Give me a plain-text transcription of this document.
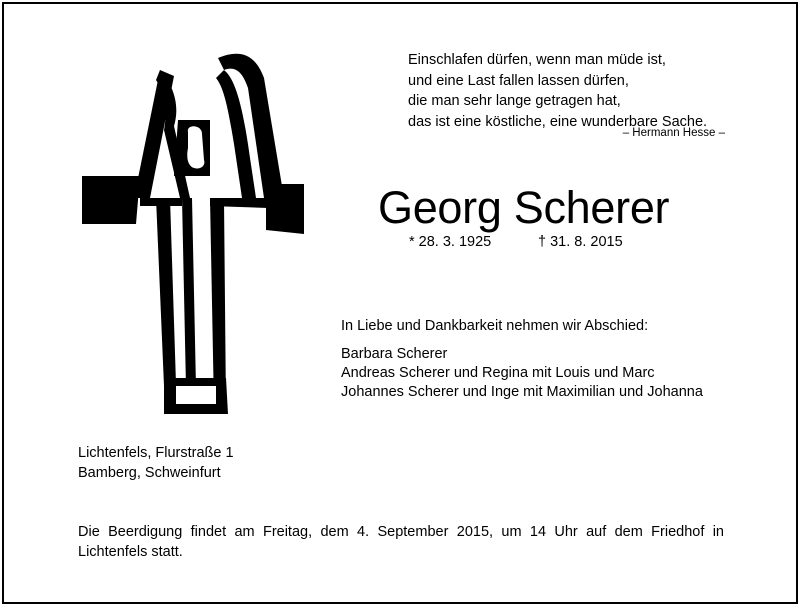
Einschlafen dürfen, wenn man müde ist,
und eine Last fallen lassen dürfen,
die man sehr lange getragen hat,
das ist eine köstliche, eine wunderbare Sache.
– Hermann Hesse –
Georg Scherer
* 28. 3. 1925	† 31. 8. 2015
In Liebe und Dankbarkeit nehmen wir Abschied:
Barbara Scherer
Andreas Scherer und Regina mit Louis und Marc
Johannes Scherer und Inge mit Maximilian und Johanna
Lichtenfels, Flurstraße 1
Bamberg, Schweinfurt
Die Beerdigung findet am Freitag, dem 4. September 2015, um 14 Uhr auf dem Friedhof in Lichtenfels statt.
